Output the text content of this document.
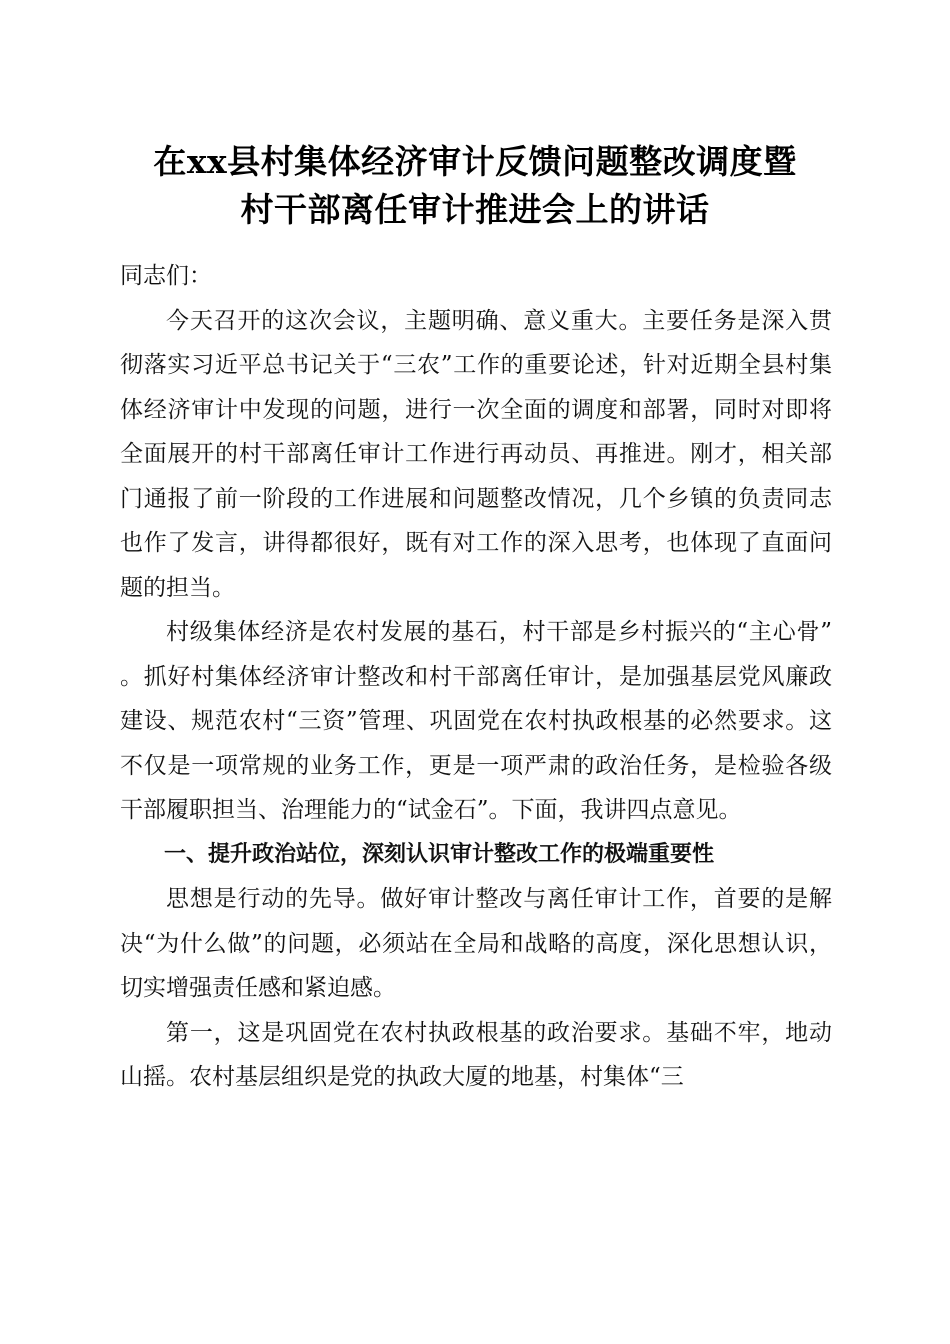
在xx县村集体经济审计反馈问题整改调度暨
村干部离任审计推进会上的讲话

同志们：

今天召开的这次会议，主题明确、意义重大。主要任务是深入贯彻落实习近平总书记关于“三农”工作的重要论述，针对近期全县村集体经济审计中发现的问题，进行一次全面的调度和部署，同时对即将全面展开的村干部离任审计工作进行再动员、再推进。刚才，相关部门通报了前一阶段的工作进展和问题整改情况，几个乡镇的负责同志也作了发言，讲得都很好，既有对工作的深入思考，也体现了直面问题的担当。

村级集体经济是农村发展的基石，村干部是乡村振兴的“主心骨”。抓好村集体经济审计整改和村干部离任审计，是加强基层党风廉政建设、规范农村“三资”管理、巩固党在农村执政根基的必然要求。这不仅是一项常规的业务工作，更是一项严肃的政治任务，是检验各级干部履职担当、治理能力的“试金石”。下面，我讲四点意见。

一、提升政治站位，深刻认识审计整改工作的极端重要性

思想是行动的先导。做好审计整改与离任审计工作，首要的是解决“为什么做”的问题，必须站在全局和战略的高度，深化思想认识，切实增强责任感和紧迫感。

第一，这是巩固党在农村执政根基的政治要求。基础不牢，地动山摇。农村基层组织是党的执政大厦的地基，村集体“三
